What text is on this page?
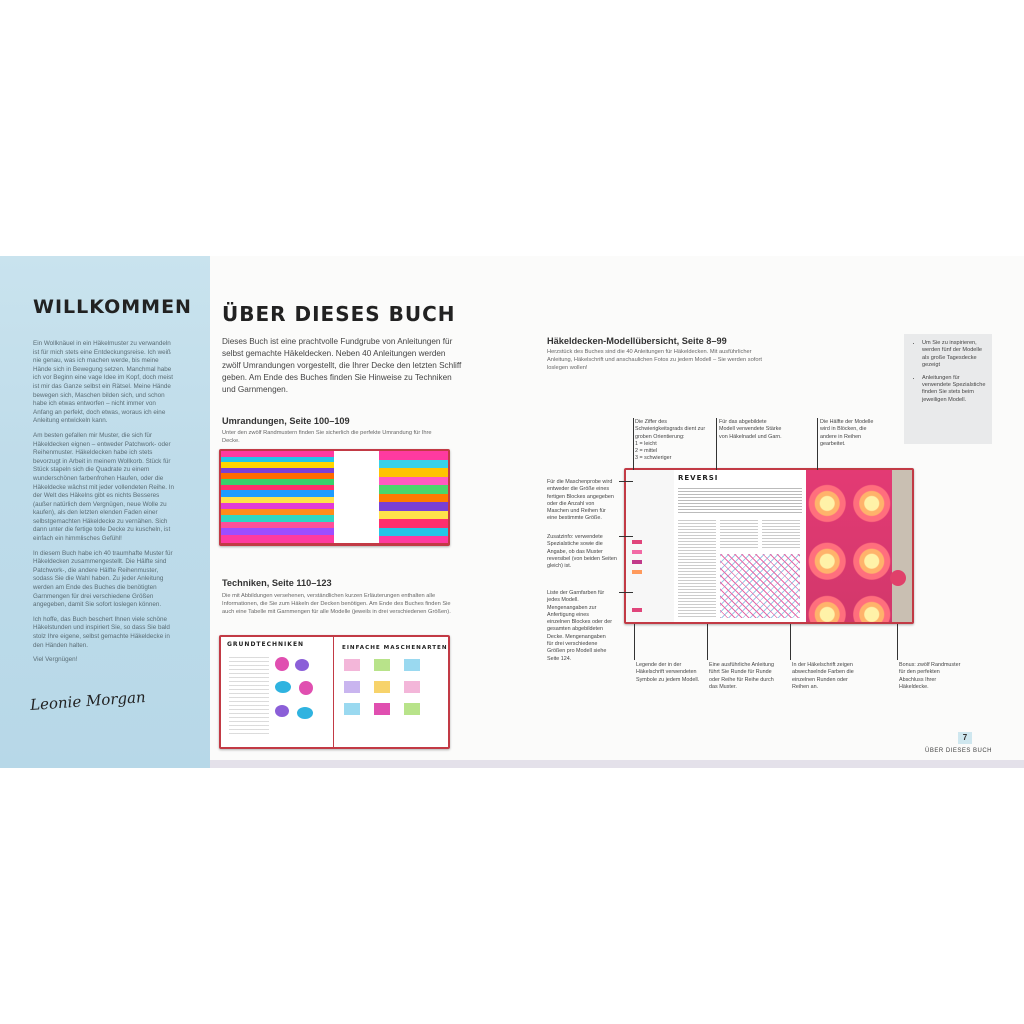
WILLKOMMEN

Ein Wollknäuel in ein Häkelmuster zu verwandeln ist für mich stets eine Entdeckungsreise. Ich weiß nie genau, was ich machen werde, bis meine Hände sich in Bewegung setzen. Manchmal habe ich vor Beginn eine vage Idee im Kopf, doch meist ist mir das Ganze selbst ein Rätsel. Meine Hände bewegen sich, Maschen bilden sich, und schon habe ich etwas entworfen – nicht immer von Anfang an perfekt, doch etwas, woraus ich eine Anleitung entwickeln kann.

Am besten gefallen mir Muster, die sich für Häkeldecken eignen – entweder Patchwork- oder Reihenmuster. Häkeldecken habe ich stets bevorzugt in Arbeit in meinem Wollkorb. Stück für Stück stapeln sich die Quadrate zu einem wunderschönen farbenfrohen Haufen, oder die Häkeldecke wächst mit jeder vollendeten Reihe. In der Welt des Häkelns gibt es nichts Besseres (außer natürlich dem Vergnügen, neue Wolle zu kaufen), als den letzten elenden Faden einer selbstgemachten Häkeldecke zu vernähen. Sich dann unter die fertige tolle Decke zu kuscheln, ist einfach ein himmlisches Gefühl!

In diesem Buch habe ich 40 traumhafte Muster für Häkeldecken zusammengestellt. Die Hälfte sind Patchwork-, die andere Hälfte Reihenmuster, sodass Sie die Wahl haben. Zu jeder Anleitung werden am Ende des Buches die benötigten Garnmengen für drei verschiedene Größen angegeben, damit Sie sofort loslegen können.

Ich hoffe, das Buch beschert Ihnen viele schöne Häkelstunden und inspiriert Sie, so dass Sie bald stolz Ihre eigene, selbst gemachte Häkeldecke in den Händen halten.

Viel Vergnügen!

Leonie Morgan
ÜBER DIESES BUCH
Dieses Buch ist eine prachtvolle Fundgrube von Anleitungen für selbst gemachte Häkeldecken. Neben 40 Anleitungen werden zwölf Umrandungen vorgestellt, die Ihrer Decke den letzten Schliff geben. Am Ende des Buches finden Sie Hinweise zu Techniken und Garnmengen.
Umrandungen, Seite 100–109
Unter den zwölf Randmustern finden Sie sicherlich die perfekte Umrandung für Ihre Decke.
Techniken, Seite 110–123
Die mit Abbildungen versehenen, verständlichen kurzen Erläuterungen enthalten alle Informationen, die Sie zum Häkeln der Decken benötigen. Am Ende des Buches finden Sie auch eine Tabelle mit Garnmengen für alle Modelle (jeweils in drei verschiedenen Größen).
GRUNDTECHNIKEN	EINFACHE MASCHENARTEN
Häkeldecken-Modellübersicht, Seite 8–99
Herzstück des Buches sind die 40 Anleitungen für Häkeldecken. Mit ausführlicher Anleitung, Häkelschrift und anschaulichen Fotos zu jedem Modell – Sie werden sofort loslegen wollen!
REVERSI
Die Ziffer des Schwierigkeitsgrads dient zur groben Orientierung:
1 = leicht
2 = mittel
3 = schwieriger
Für das abgebildete Modell verwendete Stärke von Häkelnadel und Garn.
Die Hälfte der Modelle wird in Blöcken, die andere in Reihen gearbeitet.
Für die Maschenprobe wird entweder die Größe eines fertigen Blockes angegeben oder die Anzahl von Maschen und Reihen für eine bestimmte Größe.
Zusatzinfo: verwendete Spezialstiche sowie die Angabe, ob das Muster reversibel (von beiden Seiten gleich) ist.
Liste der Garnfarben für jedes Modell. Mengenangaben zur Anfertigung eines einzelnen Blockes oder der gesamten abgebildeten Decke. Mengenangaben für drei verschiedene Größen pro Modell siehe Seite 124.
Legende der in der Häkelschrift verwendeten Symbole zu jedem Modell.
Eine ausführliche Anleitung führt Sie Runde für Runde oder Reihe für Reihe durch das Muster.
In der Häkelschrift zeigen abwechselnde Farben die einzelnen Runden oder Reihen an.
Bonus: zwölf Randmuster für den perfekten Abschluss Ihrer Häkeldecke.
• Um Sie zu inspirieren, werden fünf der Modelle als große Tagesdecke gezeigt
• Anleitungen für verwendete Spezialstiche finden Sie stets beim jeweiligen Modell.
7
ÜBER DIESES BUCH
